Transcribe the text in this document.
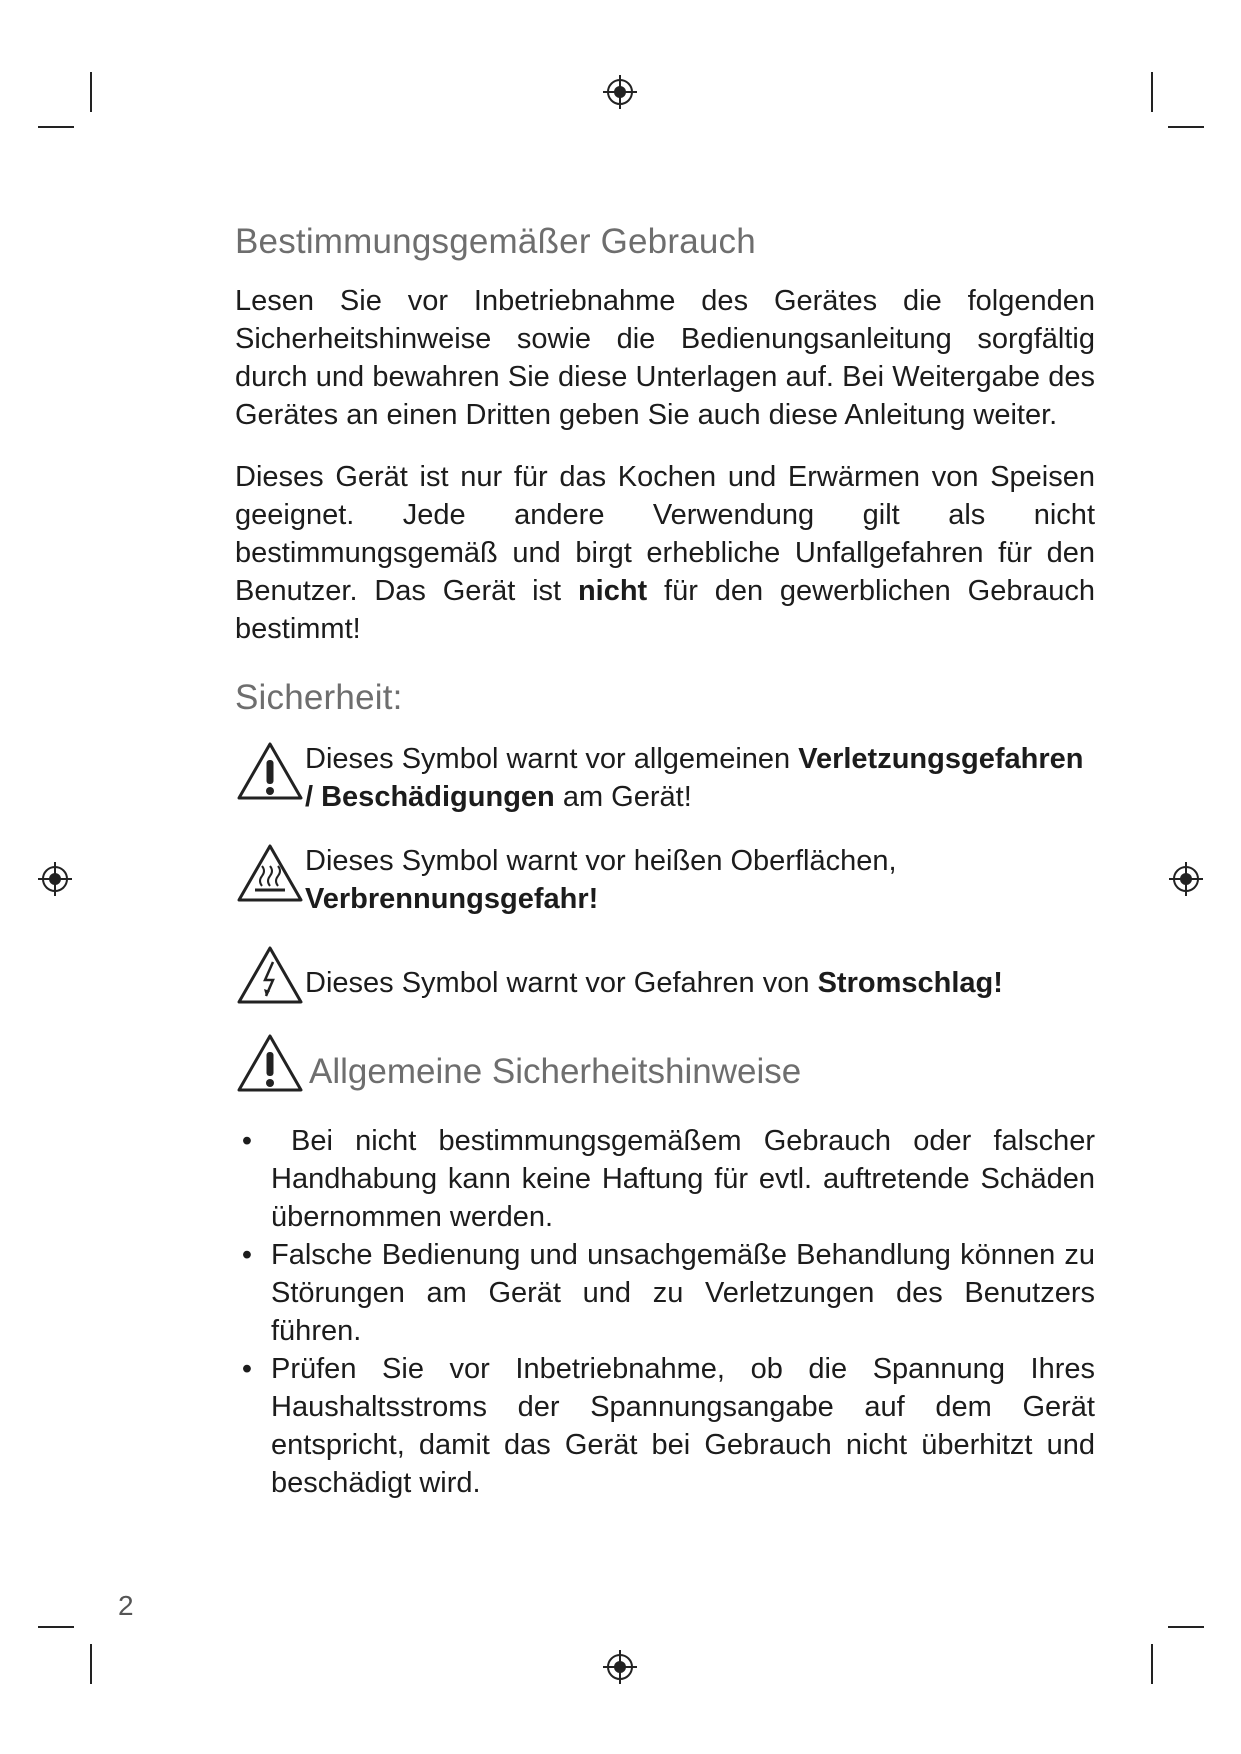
Bestimmungsgemäßer Gebrauch

Lesen Sie vor Inbetriebnahme des Gerätes die folgenden Sicherheitshinweise sowie die Bedienungsanleitung sorgfältig durch und bewahren Sie diese Unterlagen auf. Bei Weitergabe des Gerätes an einen Dritten geben Sie auch diese Anleitung weiter.

Dieses Gerät ist nur für das Kochen und Erwärmen von Speisen geeignet. Jede andere Verwendung gilt als nicht bestimmungsgemäß und birgt erhebliche Unfallgefahren für den Benutzer. Das Gerät ist nicht für den gewerblichen Gebrauch bestimmt!

Sicherheit:
Dieses Symbol warnt vor allgemeinen Verletzungsgefahren / Beschädigungen am Gerät!
Dieses Symbol warnt vor heißen Oberflächen, Verbrennungsgefahr!
Dieses Symbol warnt vor Gefahren von Stromschlag!
Allgemeine Sicherheitshinweise
• Bei nicht bestimmungsgemäßem Gebrauch oder falscher Handhabung kann keine Haftung für evtl. auftretende Schäden übernommen werden.
• Falsche Bedienung und unsachgemäße Behandlung können zu Störungen am Gerät und zu Verletzungen des Benutzers führen.
• Prüfen Sie vor Inbetriebnahme, ob die Spannung Ihres Haushaltsstroms der Spannungsangabe auf dem Gerät entspricht, damit das Gerät bei Gebrauch nicht überhitzt und beschädigt wird.
2
